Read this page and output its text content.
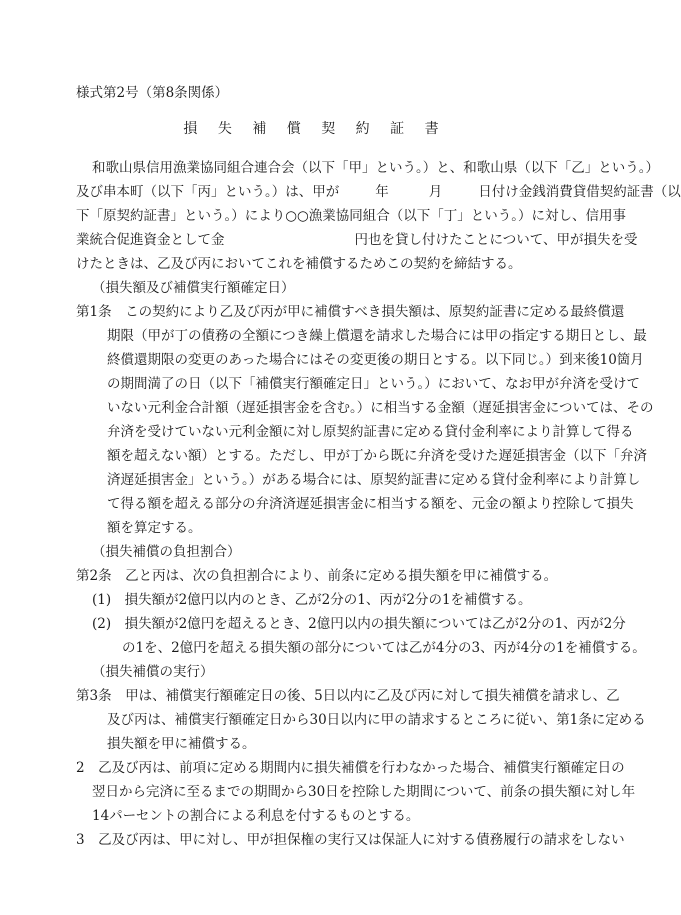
様式第2号（第8条関係）
損 失 補 償 契 約 証 書
和歌山県信用漁業協同組合連合会（以下「甲」という。）と、和歌山県（以下「乙」という。）
及び串本町（以下「丙」という。）は、甲が	年	月	日付け金銭消費貸借契約証書（以
下「原契約証書」という。）により○○漁業協同組合（以下「丁」という。）に対し、信用事
業統合促進資金として金	円也を貸し付けたことについて、甲が損失を受
けたときは、乙及び丙においてこれを補償するためこの契約を締結する。
（損失額及び補償実行額確定日）
第1条　この契約により乙及び丙が甲に補償すべき損失額は、原契約証書に定める最終償還
期限（甲が丁の債務の全額につき繰上償還を請求した場合には甲の指定する期日とし、最
終償還期限の変更のあった場合にはその変更後の期日とする。以下同じ。）到来後10箇月
の期間満了の日（以下「補償実行額確定日」という。）において、なお甲が弁済を受けて
いない元利金合計額（遅延損害金を含む。）に相当する金額（遅延損害金については、その
弁済を受けていない元利金額に対し原契約証書に定める貸付金利率により計算して得る
額を超えない額）とする。ただし、甲が丁から既に弁済を受けた遅延損害金（以下「弁済
済遅延損害金」という。）がある場合には、原契約証書に定める貸付金利率により計算し
て得る額を超える部分の弁済済遅延損害金に相当する額を、元金の額より控除して損失
額を算定する。
（損失補償の負担割合）
第2条　乙と丙は、次の負担割合により、前条に定める損失額を甲に補償する。
(1)　損失額が2億円以内のとき、乙が2分の1、丙が2分の1を補償する。
(2)　損失額が2億円を超えるとき、2億円以内の損失額については乙が2分の1、丙が2分
の1を、2億円を超える損失額の部分については乙が4分の3、丙が4分の1を補償する。
（損失補償の実行）
第3条　甲は、補償実行額確定日の後、5日以内に乙及び丙に対して損失補償を請求し、乙
及び丙は、補償実行額確定日から30日以内に甲の請求するところに従い、第1条に定める
損失額を甲に補償する。
2　乙及び丙は、前項に定める期間内に損失補償を行わなかった場合、補償実行額確定日の
翌日から完済に至るまでの期間から30日を控除した期間について、前条の損失額に対し年
14パーセントの割合による利息を付するものとする。
3　乙及び丙は、甲に対し、甲が担保権の実行又は保証人に対する債務履行の請求をしない
